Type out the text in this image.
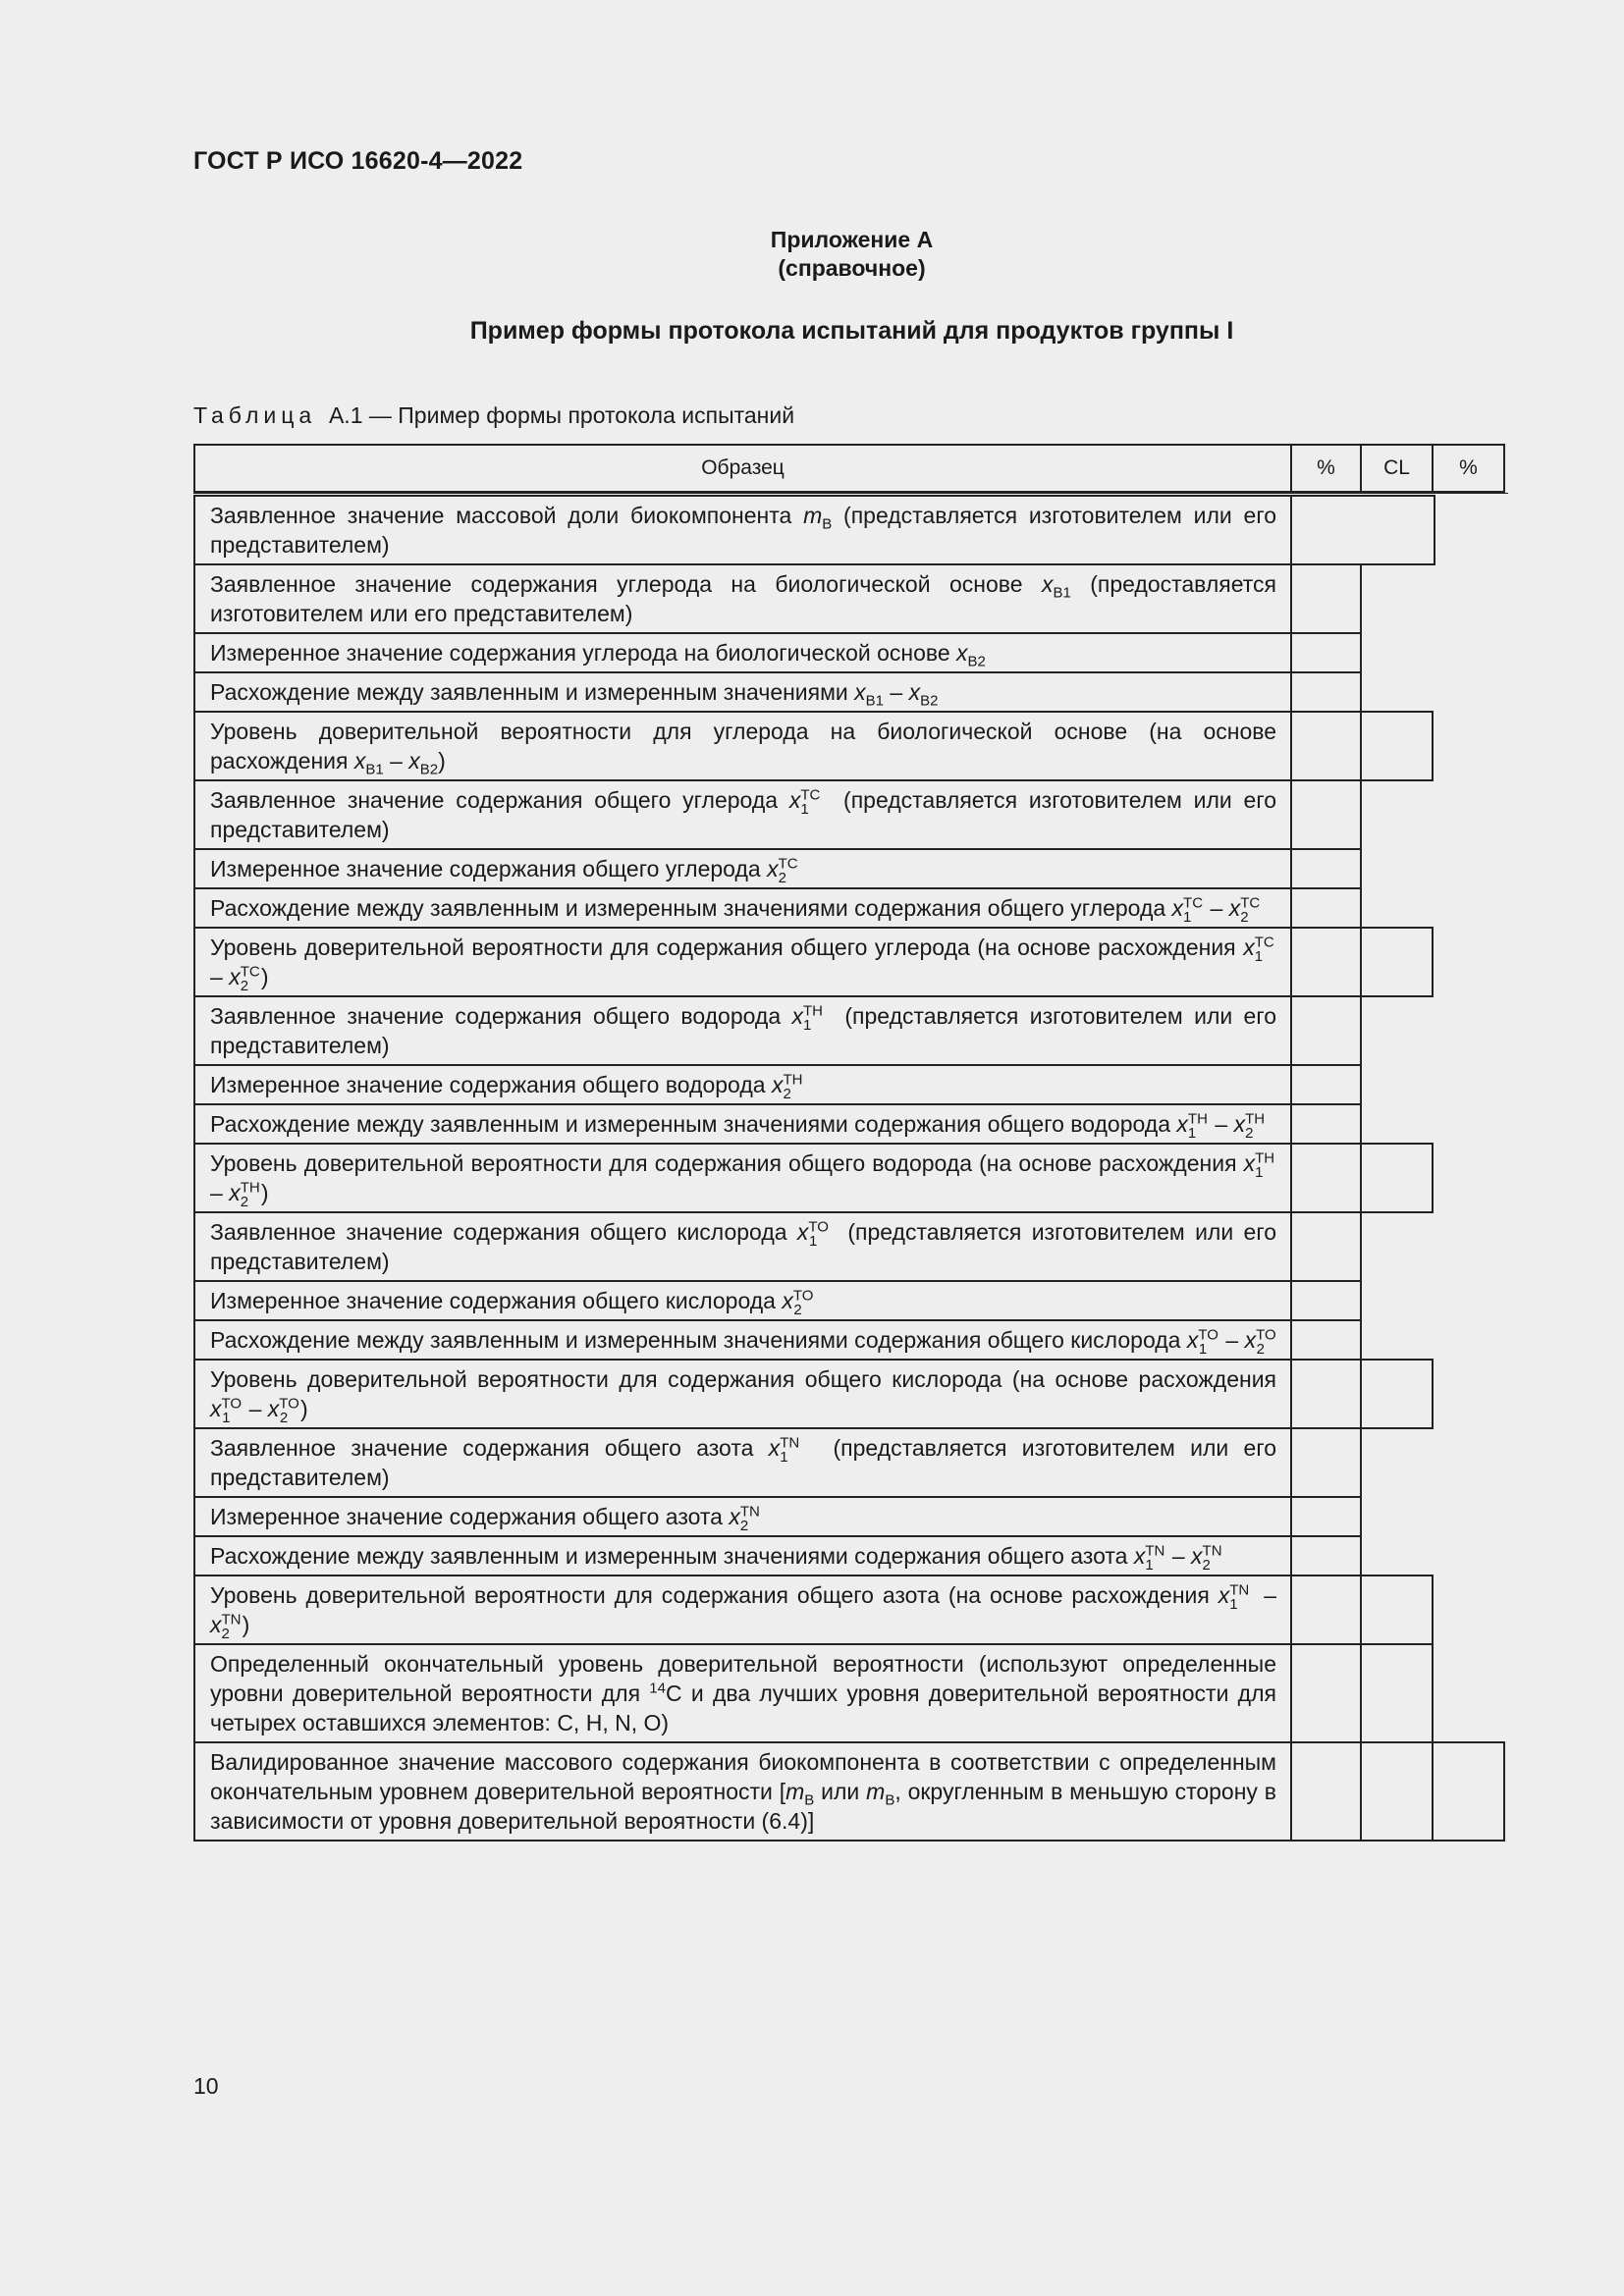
ГОСТ Р ИСО 16620-4—2022
Приложение А
(справочное)
Пример формы протокола испытаний для продуктов группы I
Таблица А.1 — Пример формы протокола испытаний
Образец	%	CL	%
Заявленное значение массовой доли биокомпонента $m_B$ (представляется изготовителем или его представителем)
Заявленное значение содержания углерода на биологической основе $x_{B1}$ (предоставляется изготовителем или его представителем)
Измеренное значение содержания углерода на биологической основе $x_{B2}$
Расхождение между заявленным и измеренным значениями $x_{B1} - x_{B2}$
Уровень доверительной вероятности для углерода на биологической основе (на основе расхождения $x_{B1} - x_{B2}$)
Заявленное значение содержания общего углерода $x^{TC}_1$   (представляется изготовителем или его представителем)
Измеренное значение содержания общего углерода $x^{TC}_2$
Расхождение между заявленным и измеренным значениями содержания общего углерода $x^{TC}_1 - x^{TC}_2$
Уровень доверительной вероятности для содержания общего углерода (на основе расхождения $x^{TC}_1 - x^{TC}_2$ )
Заявленное значение содержания общего водорода $x^{TH}_1$   (представляется изготовителем или его представителем)
Измеренное значение содержания общего водорода $x^{TH}_2$
Расхождение между заявленным и измеренным значениями содержания общего водорода $x^{TH}_1 - x^{TH}_2$
Уровень доверительной вероятности для содержания общего водорода (на основе расхождения $x^{TH}_1 - x^{TH}_2$ )
Заявленное значение содержания общего кислорода $x^{TO}_1$   (представляется изготовителем или его представителем)
Измеренное значение содержания общего кислорода $x^{TO}_2$
Расхождение между заявленным и измеренным значениями содержания общего кислорода $x^{TO}_1 - x^{TO}_2$
Уровень доверительной вероятности для содержания общего кислорода (на основе расхождения $x^{TO}_1 - x^{TO}_2$ )
Заявленное значение содержания общего азота $x^{TN}_1$   (представляется изготовителем или его представителем)
Измеренное значение содержания общего азота $x^{TN}_2$
Расхождение между заявленным и измеренным значениями содержания общего азота $x^{TN}_1 - x^{TN}_2$
Уровень доверительной вероятности для содержания общего азота (на основе расхождения $x^{TN}_1 - x^{TN}_2$ )
Определенный окончательный уровень доверительной вероятности (используют определенные уровни доверительной вероятности для $^{14}$C и два лучших уровня доверительной вероятности для четырех оставшихся элементов: C, H, N, O)
Валидированное значение массового содержания биокомпонента в соответствии с определенным окончательным уровнем доверительной вероятности [$m_B$ или $m_B$, округленным в меньшую сторону в зависимости от уровня доверительной вероятности (6.4)]
10
